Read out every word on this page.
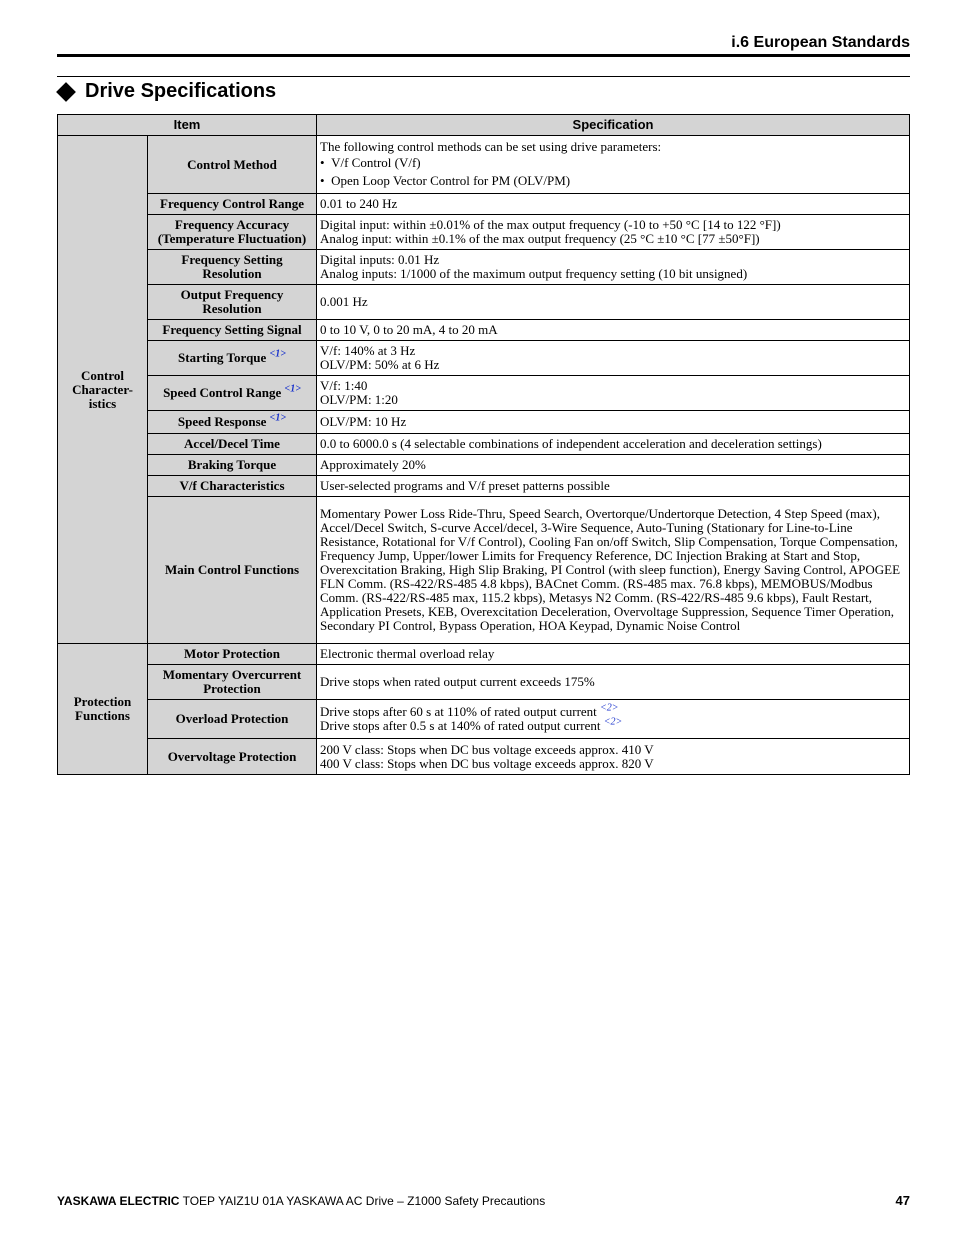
i.6 European Standards
Drive Specifications
Item		Specification
Control Character-istics	Control Method	The following control methods can be set using drive parameters:
•  V/f Control (V/f)
•  Open Loop Vector Control for PM (OLV/PM)

	Frequency Control Range	0.01 to 240 Hz

	Frequency Accuracy (Temperature Fluctuation)	Digital input: within ±0.01% of the max output frequency (-10 to +50 °C [14 to 122 °F])
Analog input: within ±0.1% of the max output frequency (25 °C ±10 °C [77 ±50°F])

	Frequency Setting Resolution	Digital inputs: 0.01 Hz
Analog inputs: 1/1000 of the maximum output frequency setting (10 bit unsigned)

	Output Frequency Resolution	0.001 Hz

	Frequency Setting Signal	0 to 10 V, 0 to 20 mA, 4 to 20 mA

	Starting Torque $^{<1>}$	V/f: 140% at 3 Hz
OLV/PM: 50% at 6 Hz

	Speed Control Range $^{<1>}$	V/f: 1:40
OLV/PM: 1:20

	Speed Response $^{<1>}$	OLV/PM: 10 Hz

	Accel/Decel Time	0.0 to 6000.0 s (4 selectable combinations of independent acceleration and deceleration settings)

	Braking Torque	Approximately 20%

	V/f Characteristics	User-selected programs and V/f preset patterns possible

	Main Control Functions	Momentary Power Loss Ride-Thru, Speed Search, Overtorque/Undertorque Detection, 4 Step Speed (max), Accel/Decel Switch, S-curve Accel/decel, 3-Wire Sequence, Auto-Tuning (Stationary for Line-to-Line Resistance, Rotational for V/f Control), Cooling Fan on/off Switch, Slip Compensation, Torque Compensation, Frequency Jump, Upper/lower Limits for Frequency Reference, DC Injection Braking at Start and Stop, Overexcitation Braking, High Slip Braking, PI Control (with sleep function), Energy Saving Control, APOGEE FLN Comm. (RS-422/RS-485 4.8 kbps), BACnet Comm. (RS-485 max. 76.8 kbps), MEMOBUS/Modbus Comm. (RS-422/RS-485 max, 115.2 kbps), Metasys N2 Comm. (RS-422/RS-485 9.6 kbps), Fault Restart, Application Presets, KEB, Overexcitation Deceleration, Overvoltage Suppression, Sequence Timer Operation, Secondary PI Control, Bypass Operation, HOA Keypad, Dynamic Noise Control

Protection Functions	Motor Protection	Electronic thermal overload relay

	Momentary Overcurrent Protection	Drive stops when rated output current exceeds 175%

	Overload Protection	Drive stops after 60 s at 110% of rated output current $^{<2>}$
Drive stops after 0.5 s at 140% of rated output current $^{<2>}$

	Overvoltage Protection	200 V class: Stops when DC bus voltage exceeds approx. 410 V
400 V class: Stops when DC bus voltage exceeds approx. 820 V
YASKAWA ELECTRIC TOEP YAIZ1U 01A YASKAWA AC Drive – Z1000 Safety Precautions	47
